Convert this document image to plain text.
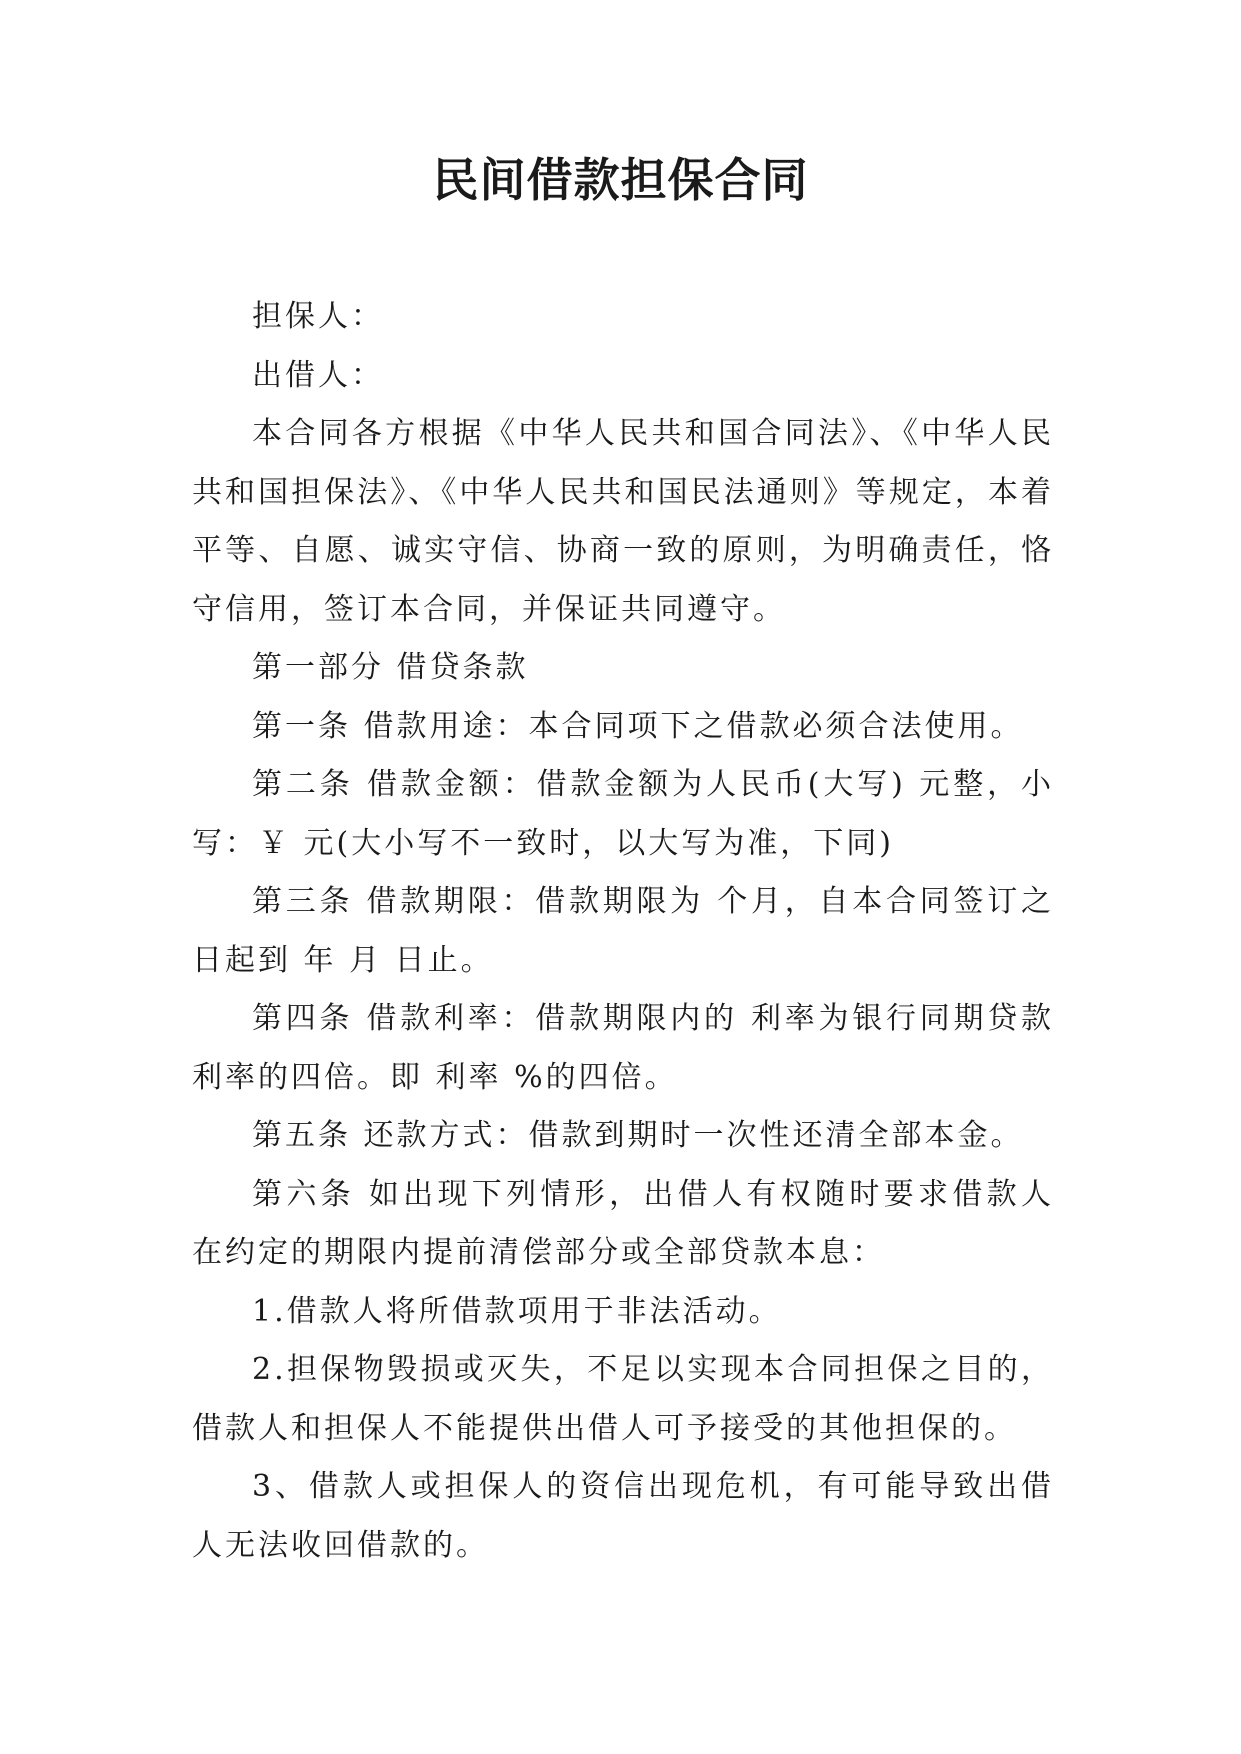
民间借款担保合同

担保人：

出借人：

本合同各方根据《中华人民共和国合同法》、《中华人民共和国担保法》、《中华人民共和国民法通则》等规定，本着平等、自愿、诚实守信、协商一致的原则，为明确责任，恪守信用，签订本合同，并保证共同遵守。

第一部分 借贷条款

第一条 借款用途：本合同项下之借款必须合法使用。

第二条 借款金额：借款金额为人民币(大写) 元整，小写：￥ 元(大小写不一致时，以大写为准，下同)

第三条 借款期限：借款期限为 个月，自本合同签订之日起到 年 月 日止。

第四条 借款利率：借款期限内的 利率为银行同期贷款利率的四倍。即 利率 %的四倍。

第五条 还款方式：借款到期时一次性还清全部本金。

第六条 如出现下列情形，出借人有权随时要求借款人在约定的期限内提前清偿部分或全部贷款本息：

1.借款人将所借款项用于非法活动。

2.担保物毁损或灭失，不足以实现本合同担保之目的，借款人和担保人不能提供出借人可予接受的其他担保的。

3、借款人或担保人的资信出现危机，有可能导致出借人无法收回借款的。
